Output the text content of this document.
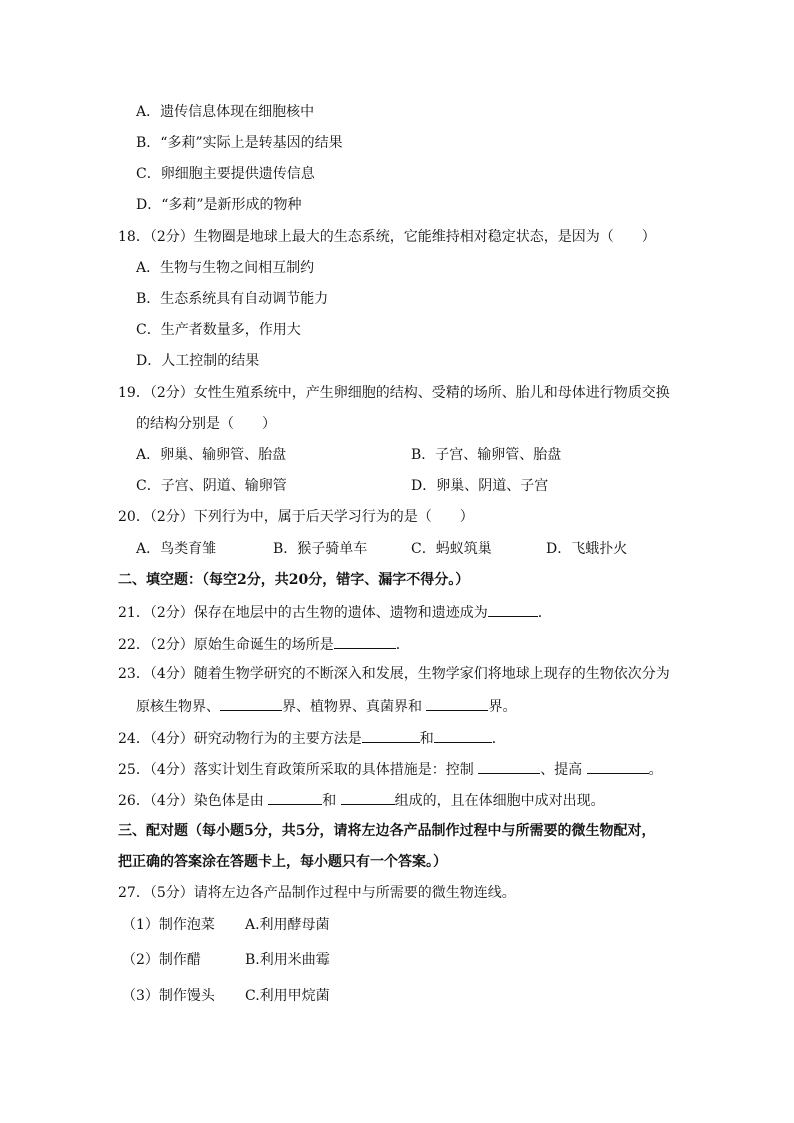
A．遗传信息体现在细胞核中
B．“多莉”实际上是转基因的结果
C．卵细胞主要提供遗传信息
D．“多莉”是新形成的物种
18．（2分）生物圈是地球上最大的生态系统，它能维持相对稳定状态，是因为（　　）
A．生物与生物之间相互制约
B．生态系统具有自动调节能力
C．生产者数量多，作用大
D．人工控制的结果
19．（2分）女性生殖系统中，产生卵细胞的结构、受精的场所、胎儿和母体进行物质交换
的结构分别是（　　）
A．卵巢、输卵管、胎盘	B．子宫、输卵管、胎盘
C．子宫、阴道、输卵管	D．卵巢、阴道、子宫
20．（2分）下列行为中，属于后天学习行为的是（　　）
A．鸟类育雏	B．猴子骑单车	C．蚂蚁筑巢	D．飞蛾扑火
二、填空题：（每空2分，共20分，错字、漏字不得分。）
21．（2分）保存在地层中的古生物的遗体、遗物和遗迹成为	．
22．（2分）原始生命诞生的场所是	．
23．（4分）随着生物学研究的不断深入和发展，生物学家们将地球上现存的生物依次分为
原核生物界、	界、植物界、真菌界和	界。
24．（4分）研究动物行为的主要方法是	和	．
25．（4分）落实计划生育政策所采取的具体措施是：控制	、提高	。
26．（4分）染色体是由	和	组成的，且在体细胞中成对出现。
三、配对题（每小题5分，共5分，请将左边各产品制作过程中与所需要的微生物配对，
把正确的答案涂在答题卡上，每小题只有一个答案。）
27．（5分）请将左边各产品制作过程中与所需要的微生物连线。
（1）制作泡菜 A.利用酵母菌
（2）制作醋	B.利用米曲霉
（3）制作馒头 C.利用甲烷菌
